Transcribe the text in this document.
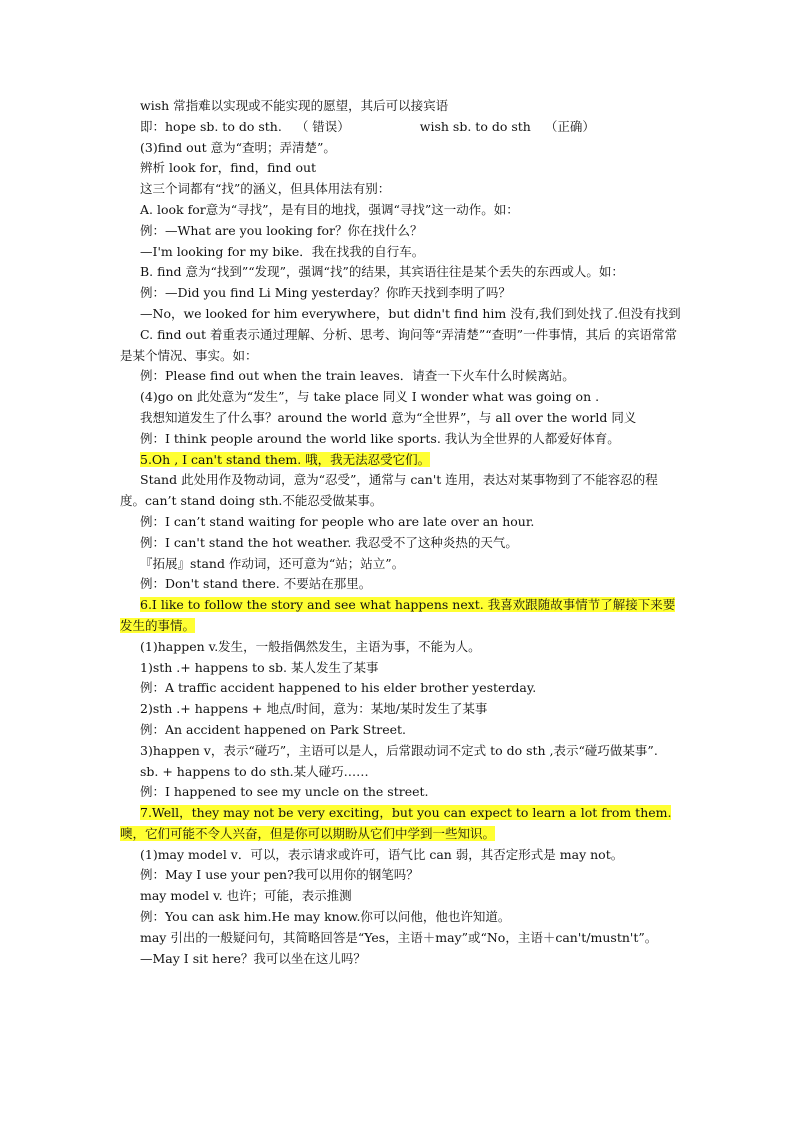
wish 常指难以实现或不能实现的愿望，其后可以接宾语
即：hope sb. to do sth. （ 错误）	wish sb. to do sth （正确）
(3)find out 意为“查明；弄清楚”。
辨析 look for，find，find out
这三个词都有“找”的涵义，但具体用法有别：
A. look for意为“寻找”，是有目的地找，强调“寻找”这一动作。如：
例：—What are you looking for？你在找什么？
—I'm looking for my bike．我在找我的自行车。
B. find 意为“找到”“发现”，强调“找”的结果，其宾语往往是某个丢失的东西或人。如：
例：—Did you find Li Ming yesterday？你昨天找到李明了吗？
—No，we looked for him everywhere，but didn't find him 没有,我们到处找了.但没有找到
C. find out 着重表示通过理解、分析、思考、询问等“弄清楚”“查明”一件事情，其后 的宾语常常是某个情况、事实。如：
例：Please find out when the train leaves．请查一下火车什么时候离站。
(4)go on 此处意为“发生”，与 take place 同义 I wonder what was going on .
我想知道发生了什么事？around the world 意为“全世界”，与 all over the world 同义
例：I think people around the world like sports. 我认为全世界的人都爱好体育。
5.Oh , I can't stand them. 哦，我无法忍受它们。
Stand 此处用作及物动词，意为“忍受”，通常与 can't 连用，表达对某事物到了不能容忍的程度。can’t stand doing sth.不能忍受做某事。
例：I can’t stand waiting for people who are late over an hour.
例：I can't stand the hot weather. 我忍受不了这种炎热的天气。
『拓展』stand 作动词，还可意为“站；站立”。
例：Don't stand there. 不要站在那里。
6.I like to follow the story and see what happens next. 我喜欢跟随故事情节了解接下来要发生的事情。
(1)happen v.发生，一般指偶然发生，主语为事，不能为人。
1)sth .+ happens to sb. 某人发生了某事
例：A traffic accident happened to his elder brother yesterday.
2)sth .+ happens + 地点/时间，意为：某地/某时发生了某事
例：An accident happened on Park Street.
3)happen v，表示“碰巧”，主语可以是人，后常跟动词不定式 to do sth ,表示“碰巧做某事”.
sb. + happens to do sth.某人碰巧……
例：I happened to see my uncle on the street.
7.Well，they may not be very exciting，but you can expect to learn a lot from them.噢，它们可能不令人兴奋，但是你可以期盼从它们中学到一些知识。
(1)may model v．可以，表示请求或许可，语气比 can 弱，其否定形式是 may not。
例：May I use your pen?我可以用你的钢笔吗？
may model v. 也许；可能，表示推测
例：You can ask him.He may know.你可以问他，他也许知道。
may 引出的一般疑问句，其简略回答是“Yes，主语＋may”或“No，主语＋can't/mustn't”。
—May I sit here？我可以坐在这儿吗？
